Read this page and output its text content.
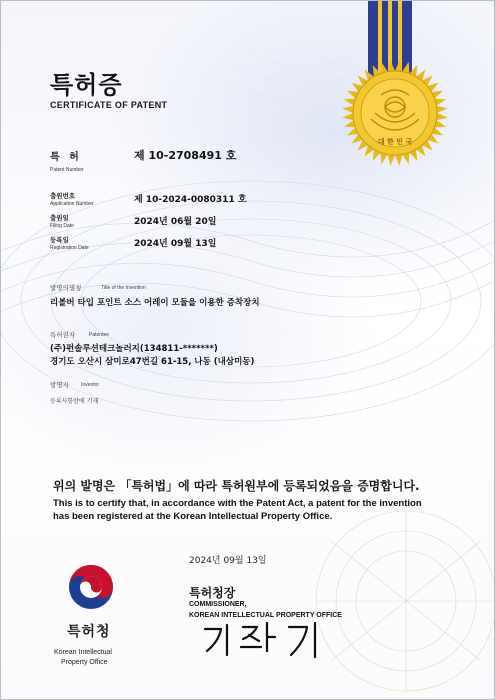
대 한 민 국
특허증
CERTIFICATE OF PATENT
특 허
Patent Number
제 10-2708491 호
출원번호
Application Number	제 10-2024-0080311 호
출원일
Filing Date	2024년 06월 20일
등록일
Registration Date	2024년 09월 13일
발명의명칭	Title of the Invention
리볼버 타입 포인트 소스 어레이 모듈을 이용한 증착장치
특허권자	Patentee
(주)펀솔루션테크놀러지(134811-*******)
경기도 오산시 삼미로47번길 61-15, 나동 (내삼미동)
발명자 Inventor
등록사항란에 기재
위의 발명은 「특허법」에 따라 특허원부에 등록되었음을 증명합니다.
This is to certify that, in accordance with the Patent Act, a patent for the invention
has been registered at the Korean Intellectual Property Office.
특허청
Korean Intellectual
Property Office
2024년 09월 13일
특허청장
COMMISSIONER,
KOREAN INTELLECTUAL PROPERTY OFFICE
